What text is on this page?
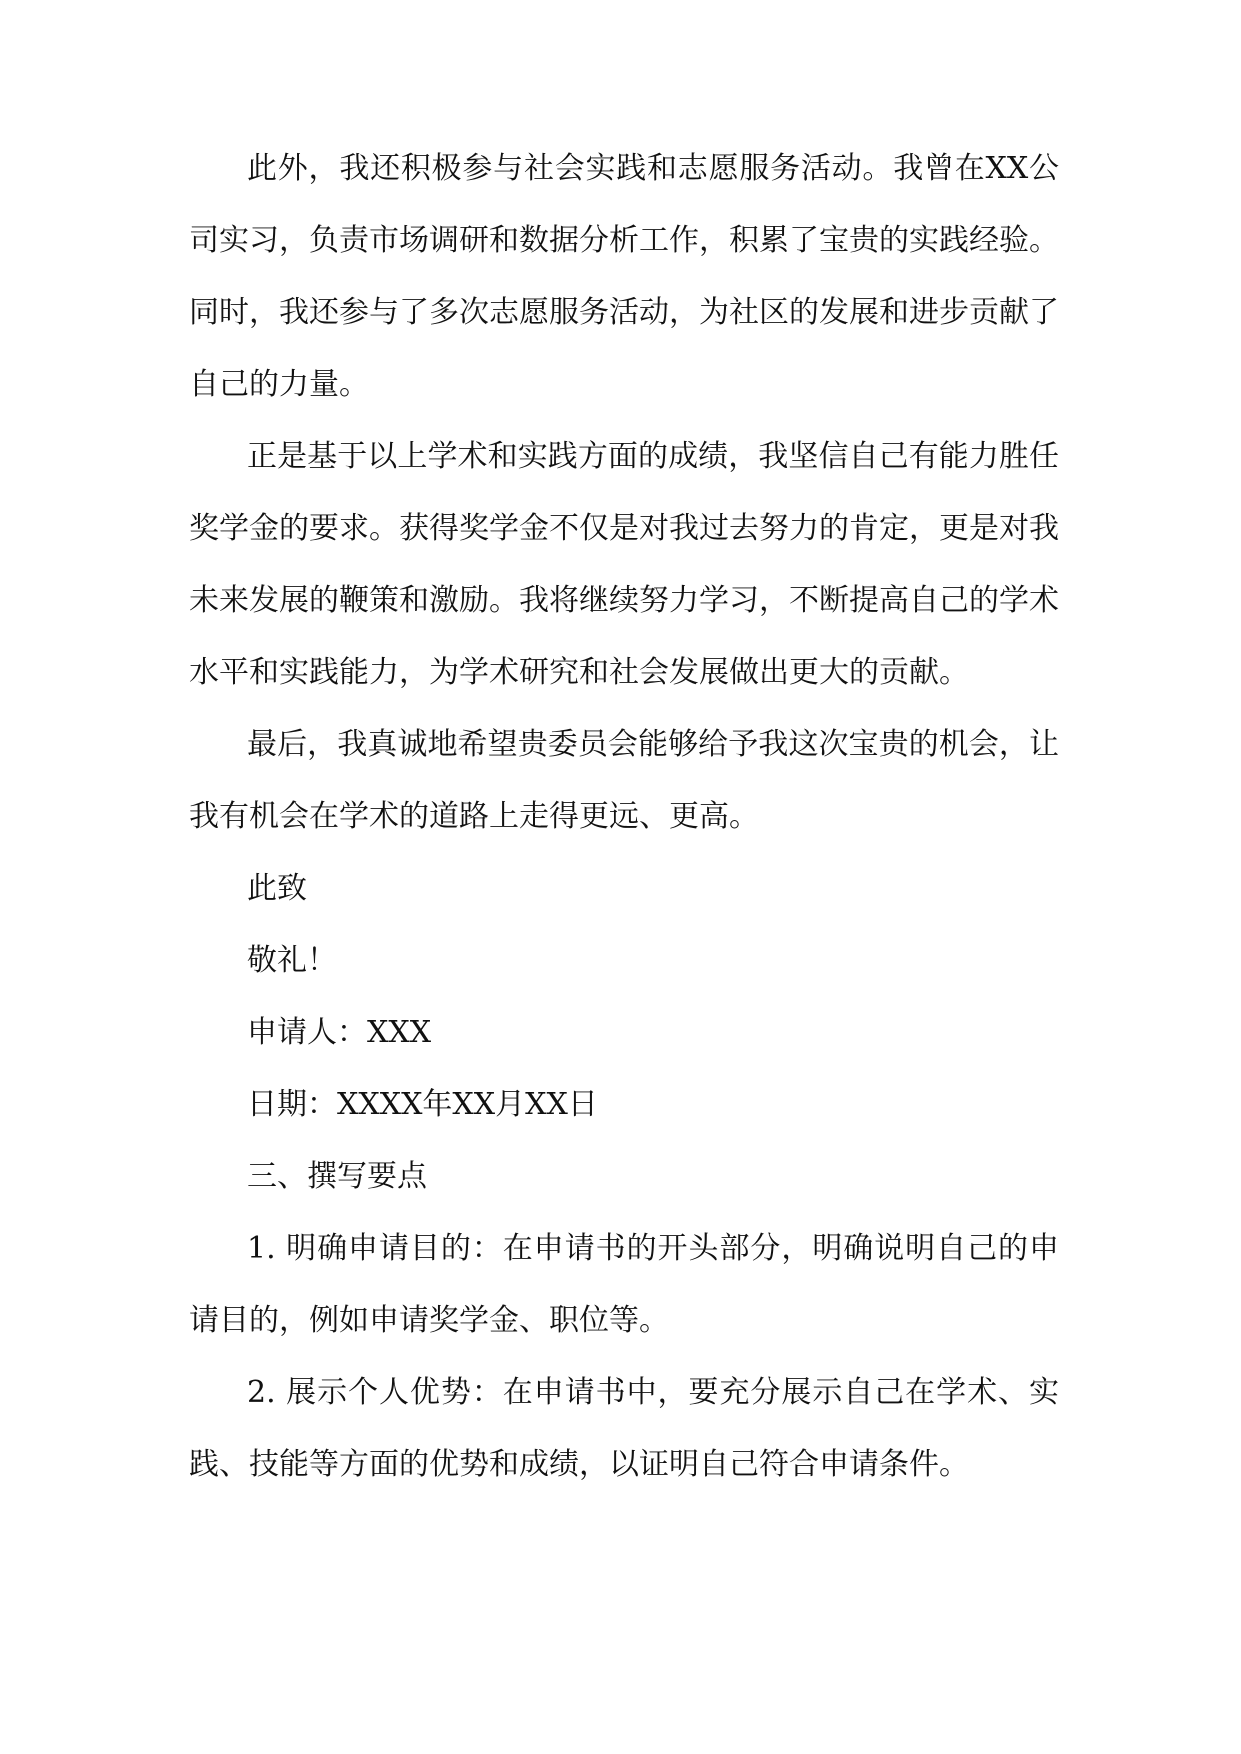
此外，我还积极参与社会实践和志愿服务活动。我曾在XX公司实习，负责市场调研和数据分析工作，积累了宝贵的实践经验。同时，我还参与了多次志愿服务活动，为社区的发展和进步贡献了自己的力量。

正是基于以上学术和实践方面的成绩，我坚信自己有能力胜任奖学金的要求。获得奖学金不仅是对我过去努力的肯定，更是对我未来发展的鞭策和激励。我将继续努力学习，不断提高自己的学术水平和实践能力，为学术研究和社会发展做出更大的贡献。

最后，我真诚地希望贵委员会能够给予我这次宝贵的机会，让我有机会在学术的道路上走得更远、更高。

此致

敬礼！

申请人：XXX

日期：XXXX年XX月XX日

三、撰写要点

1. 明确申请目的：在申请书的开头部分，明确说明自己的申请目的，例如申请奖学金、职位等。

2. 展示个人优势：在申请书中，要充分展示自己在学术、实践、技能等方面的优势和成绩，以证明自己符合申请条件。
